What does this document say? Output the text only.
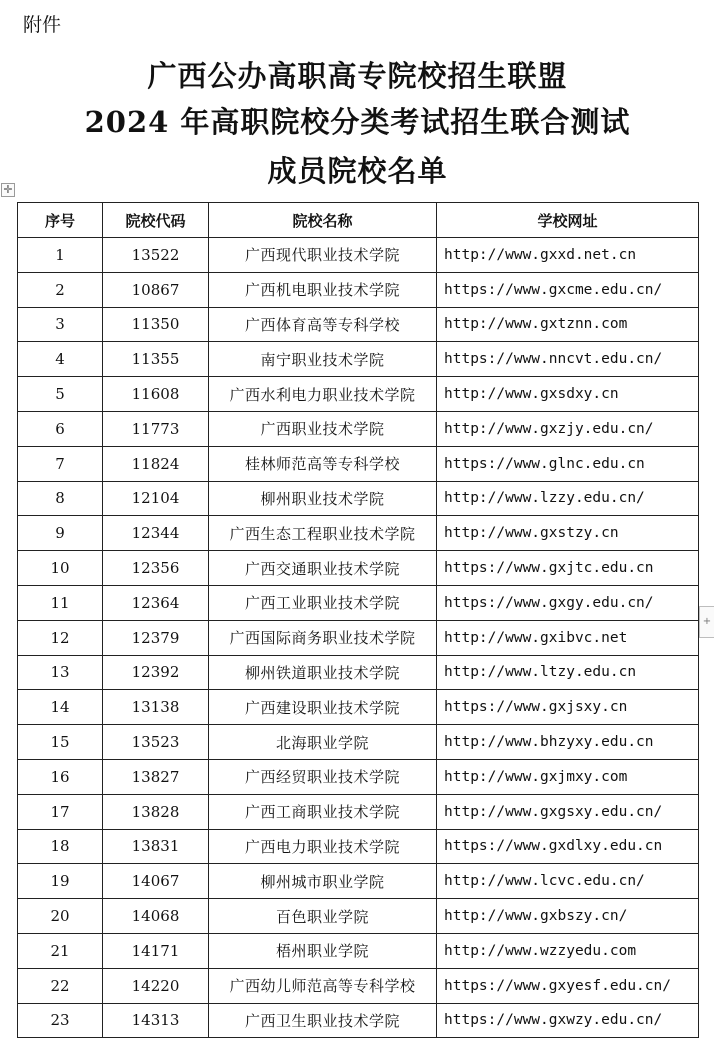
附件
广西公办高职高专院校招生联盟
2024 年高职院校分类考试招生联合测试
成员院校名单
✛
+
序号	院校代码	院校名称	学校网址
1	13522	广西现代职业技术学院	http://www.gxxd.net.cn
2	10867	广西机电职业技术学院	https://www.gxcme.edu.cn/
3	11350	广西体育高等专科学校	http://www.gxtznn.com
4	11355	南宁职业技术学院	https://www.nncvt.edu.cn/
5	11608	广西水利电力职业技术学院	http://www.gxsdxy.cn
6	11773	广西职业技术学院	http://www.gxzjy.edu.cn/
7	11824	桂林师范高等专科学校	https://www.glnc.edu.cn
8	12104	柳州职业技术学院	http://www.lzzy.edu.cn/
9	12344	广西生态工程职业技术学院	http://www.gxstzy.cn
10	12356	广西交通职业技术学院	https://www.gxjtc.edu.cn
11	12364	广西工业职业技术学院	https://www.gxgy.edu.cn/
12	12379	广西国际商务职业技术学院	http://www.gxibvc.net
13	12392	柳州铁道职业技术学院	http://www.ltzy.edu.cn
14	13138	广西建设职业技术学院	https://www.gxjsxy.cn
15	13523	北海职业学院	http://www.bhzyxy.edu.cn
16	13827	广西经贸职业技术学院	http://www.gxjmxy.com
17	13828	广西工商职业技术学院	http://www.gxgsxy.edu.cn/
18	13831	广西电力职业技术学院	https://www.gxdlxy.edu.cn
19	14067	柳州城市职业学院	http://www.lcvc.edu.cn/
20	14068	百色职业学院	http://www.gxbszy.cn/
21	14171	梧州职业学院	http://www.wzzyedu.com
22	14220	广西幼儿师范高等专科学校	https://www.gxyesf.edu.cn/
23	14313	广西卫生职业技术学院	https://www.gxwzy.edu.cn/
